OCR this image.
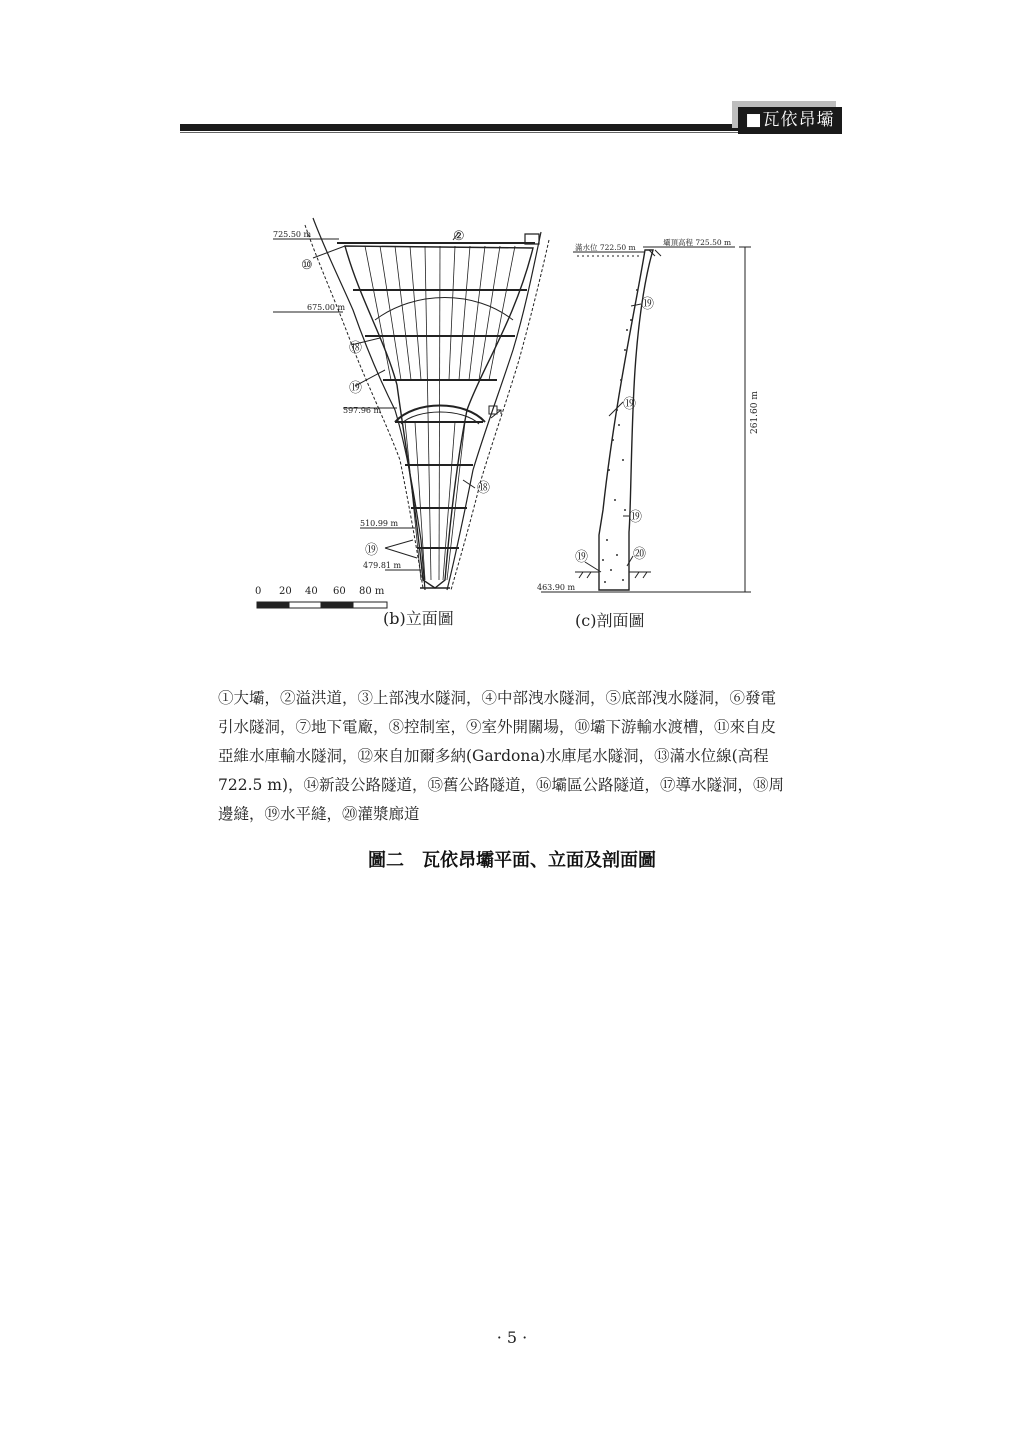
■瓦依昂壩
725.50 m
675.00 m
597.96 m
510.99 m
479.81 m
②
⑩
⑱
⑲
⑱
⑲
滿水位 722.50 m
壩頂高程 725.50 m
463.90 m
261.60 m
⑲
⑲
⑲
⑲	⑳
0 20 40 60 80 m
(b)立面圖	(c)剖面圖

①大壩，②溢洪道，③上部洩水隧洞，④中部洩水隧洞，⑤底部洩水隧洞，⑥發電

引水隧洞，⑦地下電廠，⑧控制室，⑨室外開關場，⑩壩下游輸水渡槽，⑪來自皮

亞維水庫輸水隧洞，⑫來自加爾多納(Gardona)水庫尾水隧洞，⑬滿水位線(高程

722.5 m)，⑭新設公路隧道，⑮舊公路隧道，⑯壩區公路隧道，⑰導水隧洞，⑱周

邊縫，⑲水平縫，⑳灌漿廊道

圖二　瓦依昂壩平面、立面及剖面圖
· 5 ·
